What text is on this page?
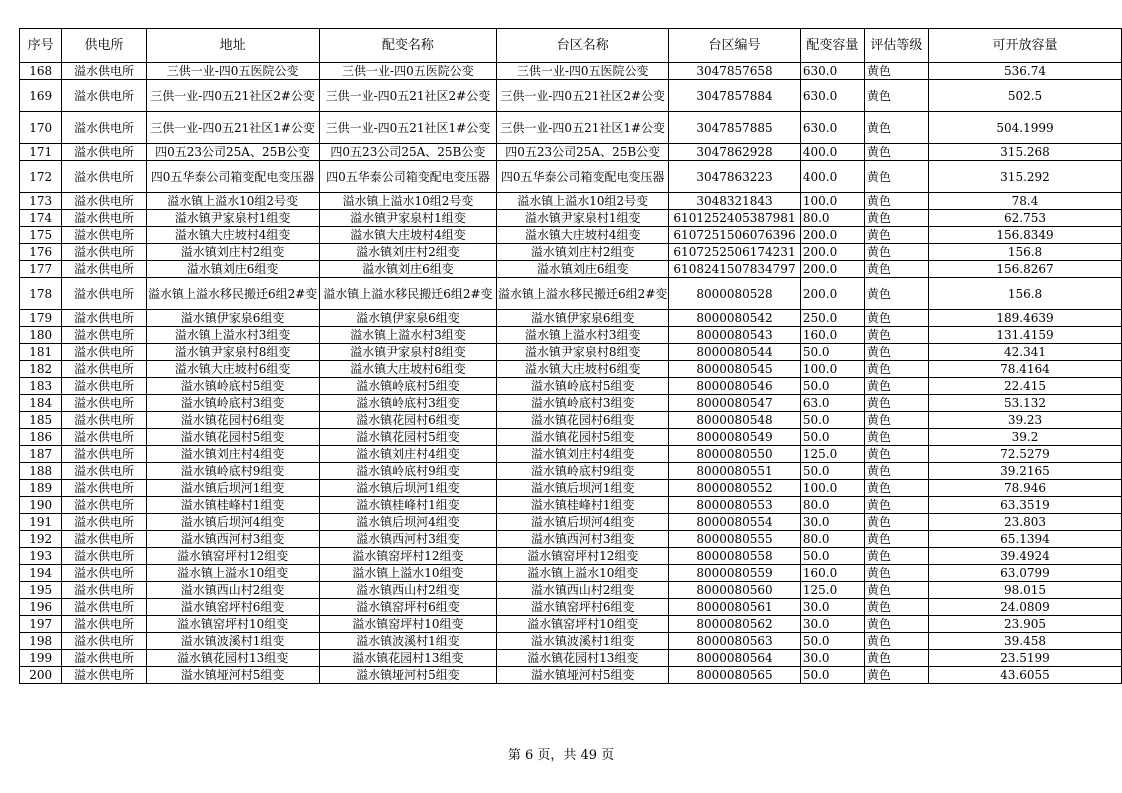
序号	供电所	地址	配变名称	台区名称	台区编号	配变容量	评估等级	可开放容量
168	溢水供电所	三供一业-四0五医院公变	三供一业-四0五医院公变	三供一业-四0五医院公变	3047857658	630.0	黄色	536.74
169	溢水供电所	三供一业-四0五21社区2#公变	三供一业-四0五21社区2#公变	三供一业-四0五21社区2#公变	3047857884	630.0	黄色	502.5
170	溢水供电所	三供一业-四0五21社区1#公变	三供一业-四0五21社区1#公变	三供一业-四0五21社区1#公变	3047857885	630.0	黄色	504.1999
171	溢水供电所	四0五23公司25A、25B公变	四0五23公司25A、25B公变	四0五23公司25A、25B公变	3047862928	400.0	黄色	315.268
172	溢水供电所	四0五华泰公司箱变配电变压器	四0五华泰公司箱变配电变压器	四0五华泰公司箱变配电变压器	3047863223	400.0	黄色	315.292
173	溢水供电所	溢水镇上溢水10组2号变	溢水镇上溢水10组2号变	溢水镇上溢水10组2号变	3048321843	100.0	黄色	78.4
174	溢水供电所	溢水镇尹家泉村1组变	溢水镇尹家泉村1组变	溢水镇尹家泉村1组变	6101252405387981	80.0	黄色	62.753
175	溢水供电所	溢水镇大庄坡村4组变	溢水镇大庄坡村4组变	溢水镇大庄坡村4组变	6107251506076396	200.0	黄色	156.8349
176	溢水供电所	溢水镇刘庄村2组变	溢水镇刘庄村2组变	溢水镇刘庄村2组变	6107252506174231	200.0	黄色	156.8
177	溢水供电所	溢水镇刘庄6组变	溢水镇刘庄6组变	溢水镇刘庄6组变	6108241507834797	200.0	黄色	156.8267
178	溢水供电所	溢水镇上溢水移民搬迁6组2#变	溢水镇上溢水移民搬迁6组2#变	溢水镇上溢水移民搬迁6组2#变	8000080528	200.0	黄色	156.8
179	溢水供电所	溢水镇伊家泉6组变	溢水镇伊家泉6组变	溢水镇伊家泉6组变	8000080542	250.0	黄色	189.4639
180	溢水供电所	溢水镇上溢水村3组变	溢水镇上溢水村3组变	溢水镇上溢水村3组变	8000080543	160.0	黄色	131.4159
181	溢水供电所	溢水镇尹家泉村8组变	溢水镇尹家泉村8组变	溢水镇尹家泉村8组变	8000080544	50.0	黄色	42.341
182	溢水供电所	溢水镇大庄坡村6组变	溢水镇大庄坡村6组变	溢水镇大庄坡村6组变	8000080545	100.0	黄色	78.4164
183	溢水供电所	溢水镇岭底村5组变	溢水镇岭底村5组变	溢水镇岭底村5组变	8000080546	50.0	黄色	22.415
184	溢水供电所	溢水镇岭底村3组变	溢水镇岭底村3组变	溢水镇岭底村3组变	8000080547	63.0	黄色	53.132
185	溢水供电所	溢水镇花园村6组变	溢水镇花园村6组变	溢水镇花园村6组变	8000080548	50.0	黄色	39.23
186	溢水供电所	溢水镇花园村5组变	溢水镇花园村5组变	溢水镇花园村5组变	8000080549	50.0	黄色	39.2
187	溢水供电所	溢水镇刘庄村4组变	溢水镇刘庄村4组变	溢水镇刘庄村4组变	8000080550	125.0	黄色	72.5279
188	溢水供电所	溢水镇岭底村9组变	溢水镇岭底村9组变	溢水镇岭底村9组变	8000080551	50.0	黄色	39.2165
189	溢水供电所	溢水镇后坝河1组变	溢水镇后坝河1组变	溢水镇后坝河1组变	8000080552	100.0	黄色	78.946
190	溢水供电所	溢水镇桂峰村1组变	溢水镇桂峰村1组变	溢水镇桂峰村1组变	8000080553	80.0	黄色	63.3519
191	溢水供电所	溢水镇后坝河4组变	溢水镇后坝河4组变	溢水镇后坝河4组变	8000080554	30.0	黄色	23.803
192	溢水供电所	溢水镇西河村3组变	溢水镇西河村3组变	溢水镇西河村3组变	8000080555	80.0	黄色	65.1394
193	溢水供电所	溢水镇窑坪村12组变	溢水镇窑坪村12组变	溢水镇窑坪村12组变	8000080558	50.0	黄色	39.4924
194	溢水供电所	溢水镇上溢水10组变	溢水镇上溢水10组变	溢水镇上溢水10组变	8000080559	160.0	黄色	63.0799
195	溢水供电所	溢水镇西山村2组变	溢水镇西山村2组变	溢水镇西山村2组变	8000080560	125.0	黄色	98.015
196	溢水供电所	溢水镇窑坪村6组变	溢水镇窑坪村6组变	溢水镇窑坪村6组变	8000080561	30.0	黄色	24.0809
197	溢水供电所	溢水镇窑坪村10组变	溢水镇窑坪村10组变	溢水镇窑坪村10组变	8000080562	30.0	黄色	23.905
198	溢水供电所	溢水镇波溪村1组变	溢水镇波溪村1组变	溢水镇波溪村1组变	8000080563	50.0	黄色	39.458
199	溢水供电所	溢水镇花园村13组变	溢水镇花园村13组变	溢水镇花园村13组变	8000080564	30.0	黄色	23.5199
200	溢水供电所	溢水镇垭河村5组变	溢水镇垭河村5组变	溢水镇垭河村5组变	8000080565	50.0	黄色	43.6055
第 6 页，共 49 页
